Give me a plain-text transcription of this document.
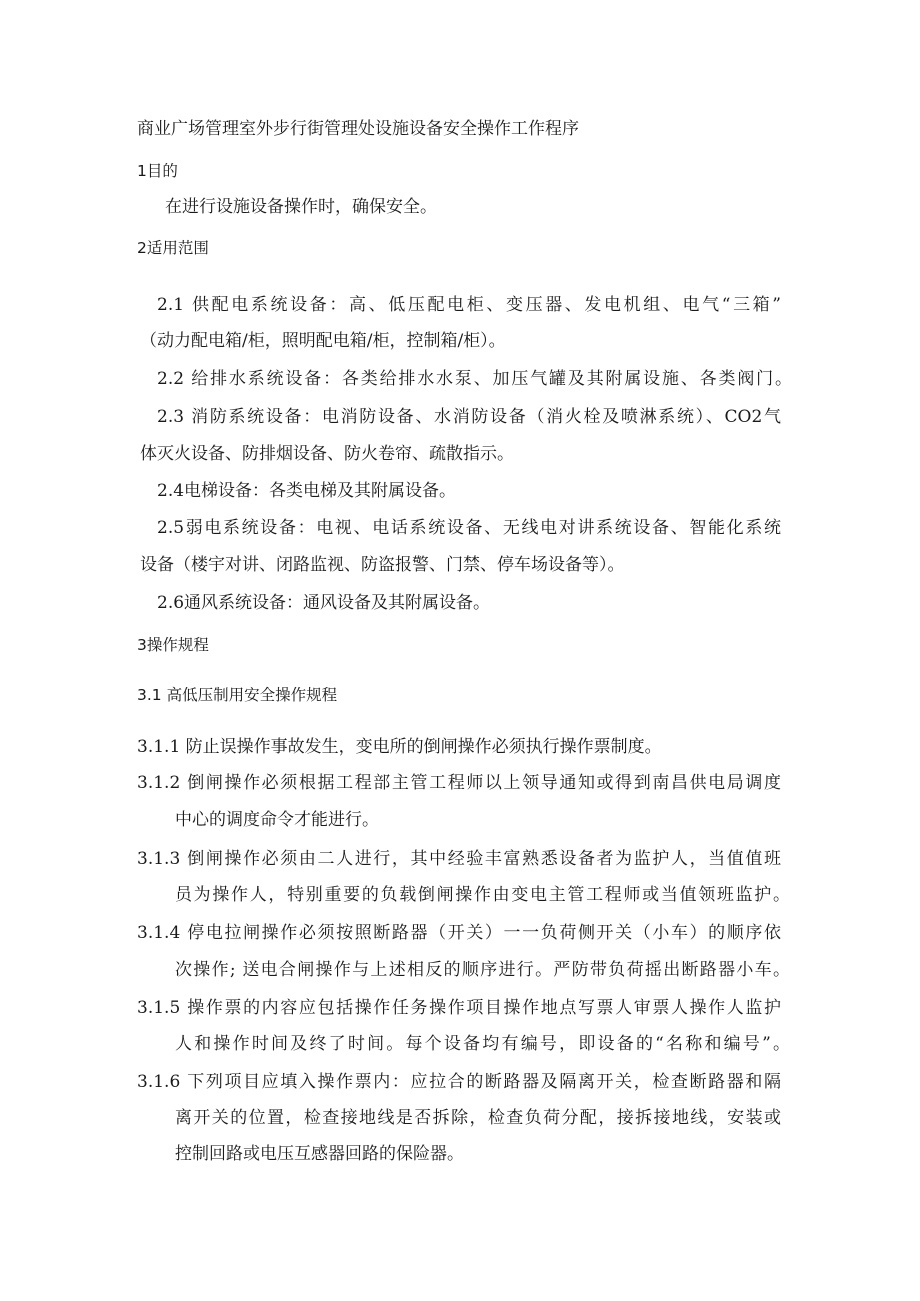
商业广场管理室外步行街管理处设施设备安全操作工作程序
1目的
在进行设施设备操作时，确保安全。
2适用范围
2.1 供配电系统设备：高、低压配电柜、变压器、发电机组、电气“三箱”
（动力配电箱/柜，照明配电箱/柜，控制箱/柜）。
2.2 给排水系统设备：各类给排水水泵、加压气罐及其附属设施、各类阀门。
2.3 消防系统设备：电消防设备、水消防设备（消火栓及喷淋系统）、CO2气
体灭火设备、防排烟设备、防火卷帘、疏散指示。
2.4电梯设备：各类电梯及其附属设备。
2.5弱电系统设备：电视、电话系统设备、无线电对讲系统设备、智能化系统
设备（楼宇对讲、闭路监视、防盗报警、门禁、停车场设备等）。
2.6通风系统设备：通风设备及其附属设备。
3操作规程
3.1 高低压制用安全操作规程
3.1.1 防止误操作事故发生，变电所的倒闸操作必须执行操作票制度。
3.1.2 倒闸操作必须根据工程部主管工程师以上领导通知或得到南昌供电局调度
中心的调度命令才能进行。
3.1.3 倒闸操作必须由二人进行，其中经验丰富熟悉设备者为监护人，当值值班
员为操作人，特别重要的负载倒闸操作由变电主管工程师或当值领班监护。
3.1.4 停电拉闸操作必须按照断路器（开关）一一负荷侧开关（小车）的顺序依
次操作; 送电合闸操作与上述相反的顺序进行。严防带负荷摇出断路器小车。
3.1.5 操作票的内容应包括操作任务操作项目操作地点写票人审票人操作人监护
人和操作时间及终了时间。每个设备均有编号，即设备的“名称和编号”。
3.1.6 下列项目应填入操作票内：应拉合的断路器及隔离开关，检查断路器和隔
离开关的位置，检查接地线是否拆除，检查负荷分配，接拆接地线，安装或
控制回路或电压互感器回路的保险器。
